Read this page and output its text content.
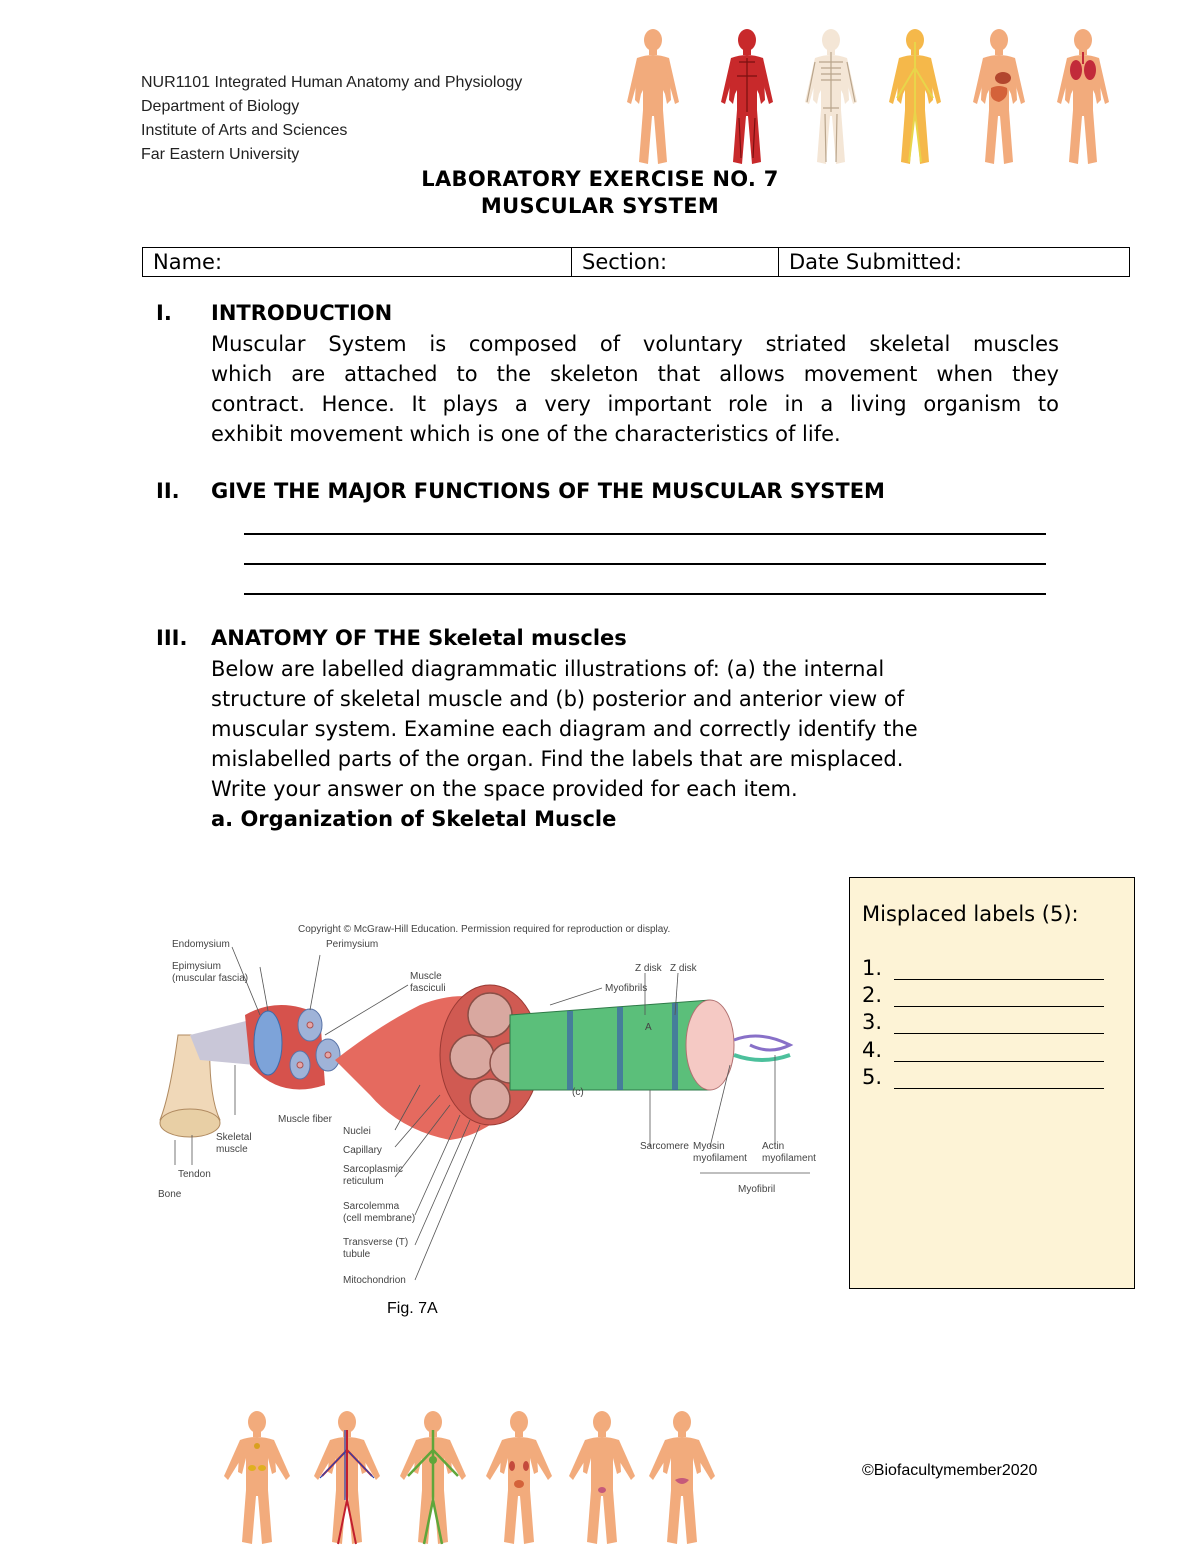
NUR1101 Integrated Human Anatomy and Physiology
Department of Biology
Institute of Arts and Sciences
Far Eastern University
LABORATORY EXERCISE NO. 7
MUSCULAR SYSTEM
Name:	Section:	Date Submitted:
I. INTRODUCTION
Muscular System is composed of voluntary striated skeletal muscles
which are attached to the skeleton that allows movement when they
contract. Hence. It plays a very important role in a living organism to
exhibit movement which is one of the characteristics of life.
II. GIVE THE MAJOR FUNCTIONS OF THE MUSCULAR SYSTEM
III. ANATOMY OF THE Skeletal muscles
Below are labelled diagrammatic illustrations of: (a) the internal
structure of skeletal muscle and (b) posterior and anterior view of
muscular system. Examine each diagram and correctly identify the
mislabelled parts of the organ. Find the labels that are misplaced.
Write your answer on the space provided for each item.
a. Organization of Skeletal Muscle
Copyright © McGraw-Hill Education. Permission required for reproduction or display.
Endomysium	Perimysium
Epimysium
(muscular fascia)	Muscle
fasciculi
Z disk Z disk
Myofibrils
A
(c)
Skeletal
muscle
Muscle fiber
Nuclei
Capillary
Sarcoplasmic
reticulum
Tendon
Bone
Sarcolemma
(cell membrane)
Transverse (T)
tubule
Mitochondrion
Sarcomere Myosin
myofilament
Actin
myofilament
Myofibril
Fig. 7A
Misplaced labels (5):
1.
2.
3.
4.
5.
©Biofacultymember2020
